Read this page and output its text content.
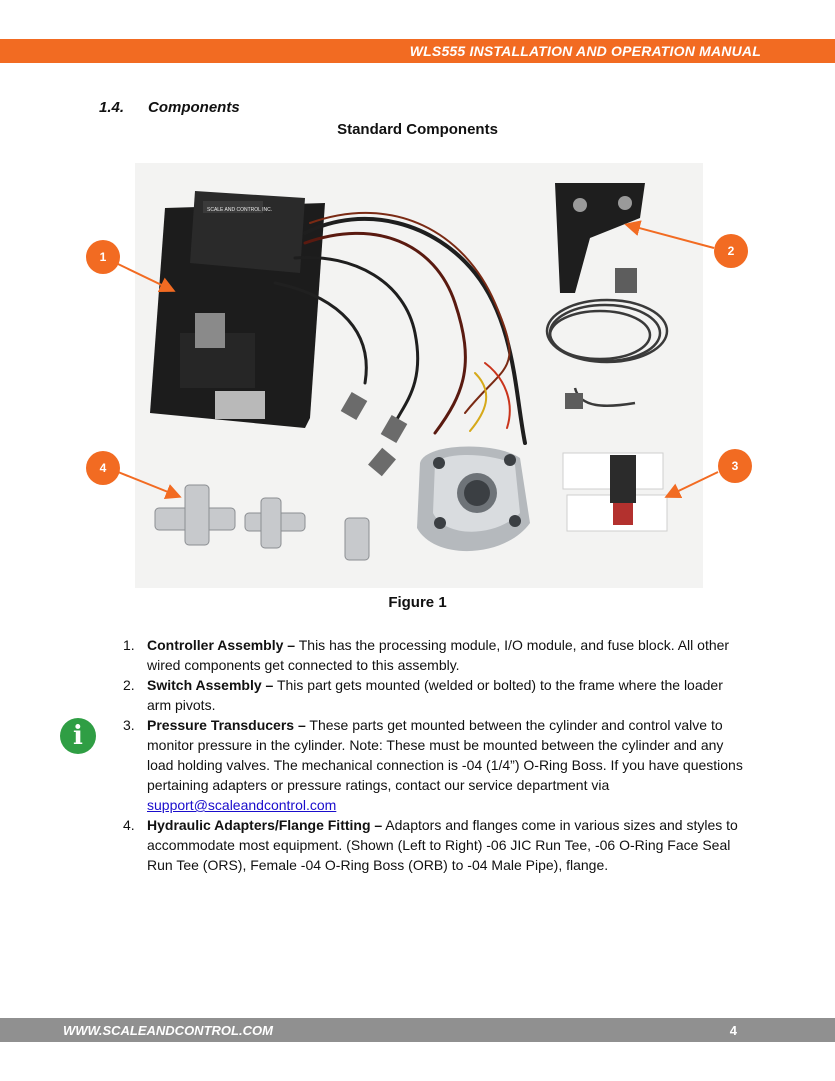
WLS555 INSTALLATION AND OPERATION MANUAL
1.4. Components
Standard Components
SCALE AND CONTROL INC.
1	2
3
4
Figure 1
i
1. Controller Assembly – This has the processing module, I/O module, and fuse block. All other wired components get connected to this assembly.
2. Switch Assembly – This part gets mounted (welded or bolted) to the frame where the loader arm pivots.
3. Pressure Transducers – These parts get mounted between the cylinder and control valve to monitor pressure in the cylinder. Note: These must be mounted between the cylinder and any load holding valves. The mechanical connection is -04 (1/4”) O-Ring Boss. If you have questions pertaining adapters or pressure ratings, contact our service department via support@scaleandcontrol.com
4. Hydraulic Adapters/Flange Fitting – Adaptors and flanges come in various sizes and styles to accommodate most equipment. (Shown (Left to Right) -06 JIC Run Tee, -06 O-Ring Face Seal Run Tee (ORS), Female -04 O-Ring Boss (ORB) to -04 Male Pipe), flange.
WWW.SCALEANDCONTROL.COM	4
